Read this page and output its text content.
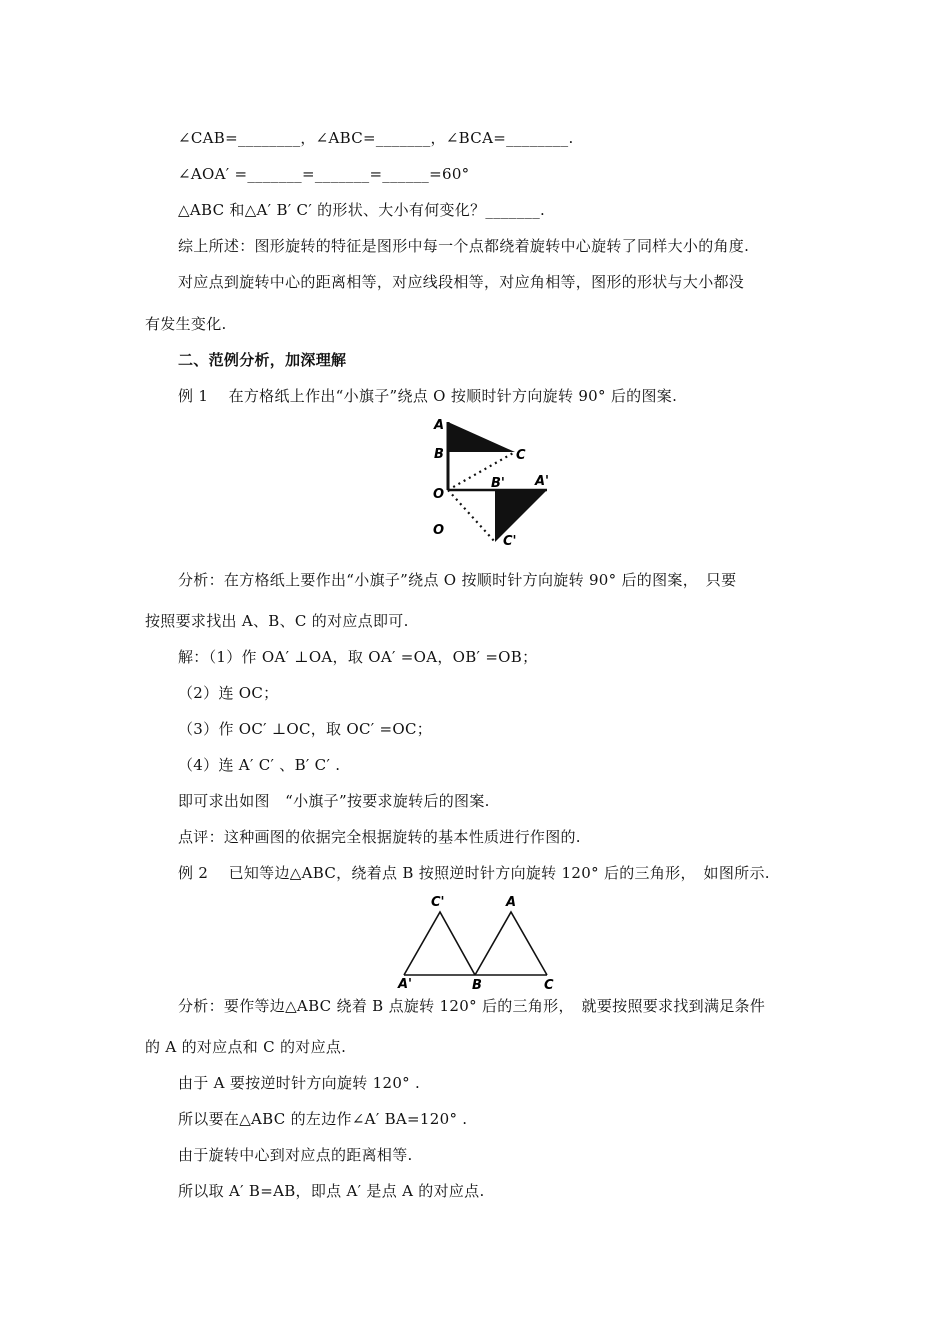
∠CAB=________，∠ABC=_______，∠BCA=________.
∠AOA′ =_______=_______=______=60°
△ABC 和△A′ B′ C′ 的形状、大小有何变化？_______.
综上所述：图形旋转的特征是图形中每一个点都绕着旋转中心旋转了同样大小的角度.
对应点到旋转中心的距离相等，对应线段相等，对应角相等，图形的形状与大小都没
有发生变化.
二、范例分析，加深理解
例 1　 在方格纸上作出“小旗子”绕点 O 按顺时针方向旋转 90° 后的图案.
A
B	C
O
O
B' A'
C'
分析：在方格纸上要作出“小旗子”绕点 O 按顺时针方向旋转 90° 后的图案，　只要
按照要求找出 A、B、C 的对应点即可.
解：（1）作 OA′ ⊥OA，取 OA′ =OA，OB′ =OB；
（2）连 OC；
（3）作 OC′ ⊥OC，取 OC′ =OC；
（4）连 A′ C′ 、B′ C′ .
即可求出如图　“小旗子”按要求旋转后的图案.
点评：这种画图的依据完全根据旋转的基本性质进行作图的.
例 2　 已知等边△ABC，绕着点 B 按照逆时针方向旋转 120° 后的三角形，　如图所示.
C'	A
A'	B	C
分析：要作等边△ABC 绕着 B 点旋转 120° 后的三角形，　就要按照要求找到满足条件
的 A 的对应点和 C 的对应点.
由于 A 要按逆时针方向旋转 120° .
所以要在△ABC 的左边作∠A′ BA=120° .
由于旋转中心到对应点的距离相等.
所以取 A′ B=AB，即点 A′ 是点 A 的对应点.
